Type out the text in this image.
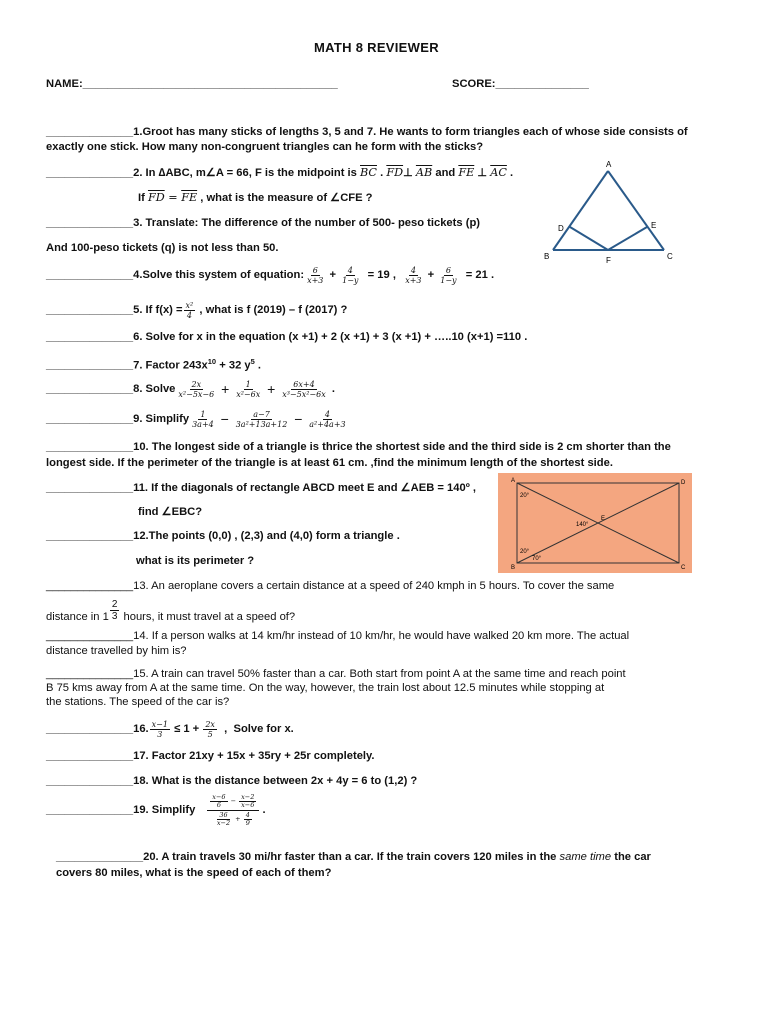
MATH 8 REVIEWER
NAME:_________________________________________	SCORE:_______________
______________1.Groot has many sticks of lengths 3, 5 and 7. He wants to form triangles each of whose side consists of
exactly one stick. How many non-congruent triangles can he form with the sticks?
______________2. In ∆ABC, m∠A = 66, F is the midpoint is $\overline{BC}$ . $\overline{FD}\perp$ $\overline{AB}$ and $\overline{FE}$ ⊥ $\overline{AC}$ .
If $\overline{FD} = \overline{FE}$ , what is the measure of ∠CFE ?
A
D	E
B	F	C
______________3. Translate: The difference of the number of 500- peso tickets (p)
And 100-peso tickets (q) is not less than 50.
______________ 4.Solve this system of equation: $\frac{6}{x+3} + \frac{4}{1-y} = 19$ , $\frac{4}{x+3} + \frac{6}{1-y} = 21$ .
______________ 5. If $f(x) = \frac{\text{x²}}{4}$ , what is f (2019) – f (2017) ?
______________6. Solve for x in the equation (x +1) + 2 (x +1) + 3 (x +1) + …..10 (x+1) =110 .
______________7. Factor $243x^{10} + 32$ $y^5$ .
______________ 8. Solve $\frac{2x}{\text{x²−5x−6}} + \frac{1}{\text{x²−6x}} + \frac{6x+4}{\text{x³−5x²−6x}}$ .
______________ 9. Simplify $\frac{1}{3a+4} - \frac{a-7}{\text{3a²+13a+12}} - \frac{4}{\text{a²+4a+3}}$
______________10. The longest side of a triangle is thrice the shortest side and the third side is 2 cm shorter than the
longest side. If the perimeter of the triangle is at least 61 cm. ,find the minimum length of the shortest side.
______________11. If the diagonals of rectangle ABCD meet E and ∠AEB = 140º ,
find ∠EBC?
A	D
B	C
E
20°
140°
20°
70°
______________12.The points (0,0) , (2,3) and (4,0) form a triangle .
what is its perimeter ?
______________13. An aeroplane covers a certain distance at a speed of 240 kmph in 5 hours. To cover the same
distance in $1 \frac{2}{3}$ hours, it must travel at a speed of?
______________14. If a person walks at 14 km/hr instead of 10 km/hr, he would have walked 20 km more. The actual
distance travelled by him is?
______________15. A train can travel 50% faster than a car. Both start from point A at the same time and reach point
B 75 kms away from A at the same time. On the way, however, the train lost about 12.5 minutes while stopping at
the stations. The speed of the car is?
______________ 16. $\frac{x-1}{3} \le 1 + \frac{2x}{5}$ ,  Solve for x.
______________17. Factor 21xy + 15x + 35ry + 25r completely.
______________18. What is the distance between 2x + 4y = 6 to (1,2) ?
______________ 19. Simplify
$\frac{x-6}{6} - \frac{x-2}{x-6}$
$\frac{36}{x-2} + \frac{4}{9}$
.
______________20. A train travels 30 mi/hr faster than a car. If the train covers 120 miles in the same time the car
covers 80 miles, what is the speed of each of them?
